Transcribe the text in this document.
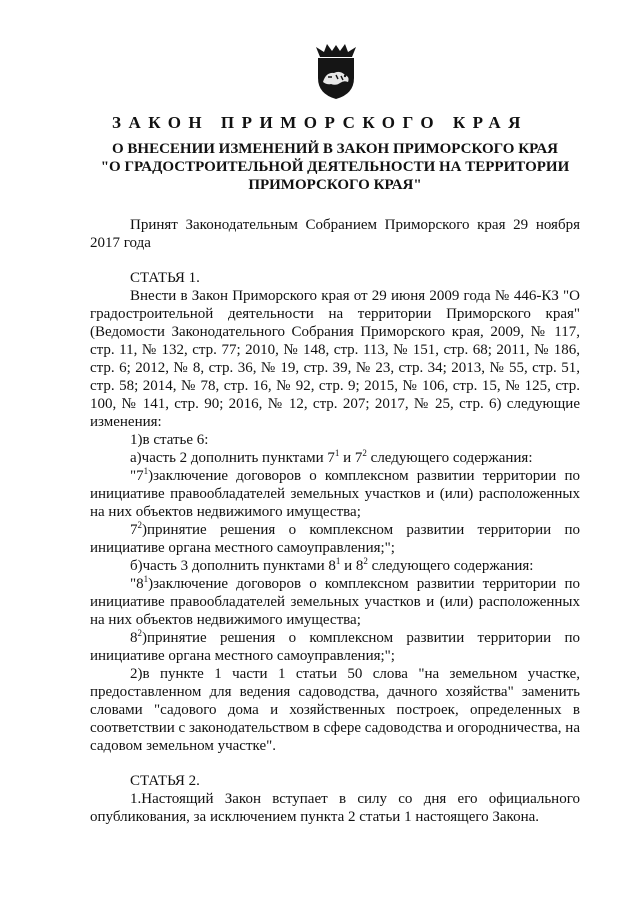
ЗАКОН ПРИМОРСКОГО КРАЯ
О ВНЕСЕНИИ ИЗМЕНЕНИЙ В ЗАКОН ПРИМОРСКОГО КРАЯ
"О ГРАДОСТРОИТЕЛЬНОЙ ДЕЯТЕЛЬНОСТИ НА ТЕРРИТОРИИ
ПРИМОРСКОГО КРАЯ"

Принят Законодательным Собранием Приморского края 29 ноября 2017 года

СТАТЬЯ 1.

Внести в Закон Приморского края от 29 июня 2009 года № 446-КЗ "О градостроительной деятельности на территории Приморского края" (Ведомости Законодательного Собрания Приморского края, 2009, № 117, стр. 11, № 132, стр. 77; 2010, № 148, стр. 113, № 151, стр. 68; 2011, № 186, стр. 6; 2012, № 8, стр. 36, № 19, стр. 39, № 23, стр. 34; 2013, № 55, стр. 51, стр. 58; 2014, № 78, стр. 16, № 92, стр. 9; 2015, № 106, стр. 15, № 125, стр. 100, № 141, стр. 90; 2016, № 12, стр. 207; 2017, № 25, стр. 6) следующие изменения:

1)в статье 6:

а)часть 2 дополнить пунктами $7^1$ и $7^2$ следующего содержания:

"$7^1)заключение$ договоров о комплексном развитии территории по инициативе правообладателей земельных участков и (или) расположенных на них объектов недвижимого имущества;

$7^2)принятие$ решения о комплексном развитии территории по инициативе органа местного самоуправления;";

б)часть 3 дополнить пунктами $8^1$ и $8^2$ следующего содержания:

"$8^1)заключение$ договоров о комплексном развитии территории по инициативе правообладателей земельных участков и (или) расположенных на них объектов недвижимого имущества;

$8^2)принятие$ решения о комплексном развитии территории по инициативе органа местного самоуправления;";

2)в пункте 1 части 1 статьи 50 слова "на земельном участке, предоставленном для ведения садоводства, дачного хозяйства" заменить словами "садового дома и хозяйственных построек, определенных в соответствии с законодательством в сфере садоводства и огородничества, на садовом земельном участке".

СТАТЬЯ 2.

1.Настоящий Закон вступает в силу со дня его официального опубликования, за исключением пункта 2 статьи 1 настоящего Закона.
